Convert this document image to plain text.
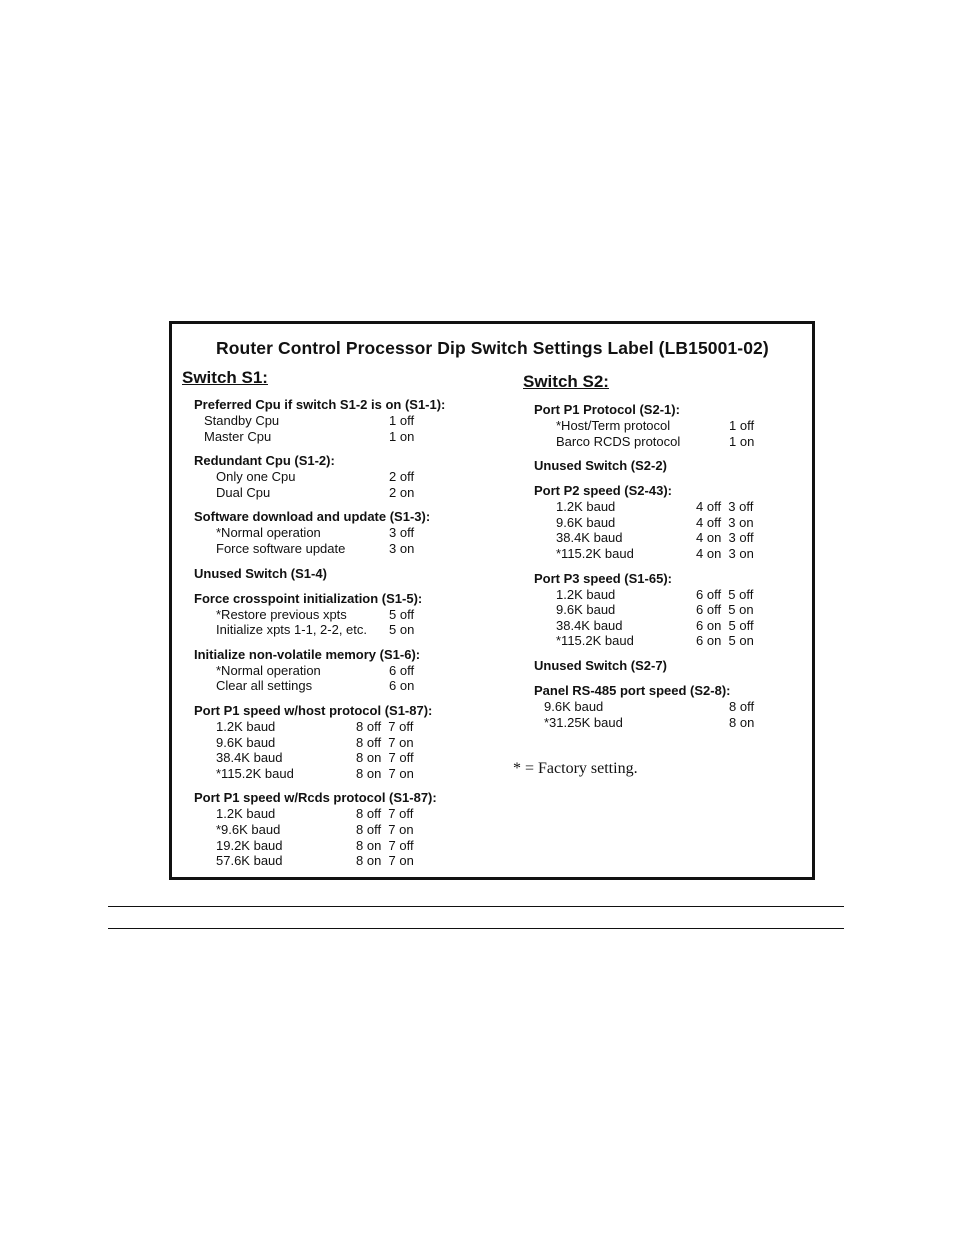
Router Control Processor Dip Switch Settings Label (LB15001-02)
Switch S1:	Switch S2:
Preferred Cpu if switch S1-2 is on (S1-1):
Standby Cpu	1 off
Master Cpu	1 on
Redundant Cpu (S1-2):
Only one Cpu	2 off
Dual Cpu	2 on
Software download and update (S1-3):
*Normal operation	3 off
Force software update	3 on
Unused Switch (S1-4)
Force crosspoint initialization (S1-5):
*Restore previous xpts	5 off
Initialize xpts 1-1, 2-2, etc. 5 on
Initialize non-volatile memory (S1-6):
*Normal operation	6 off
Clear all settings	6 on
Port P1 speed w/host protocol (S1-87):
1.2K baud	8 off  7 off
9.6K baud	8 off  7 on
38.4K baud	8 on  7 off
*115.2K baud	8 on  7 on
Port P1 speed w/Rcds protocol (S1-87):
1.2K baud	8 off  7 off
*9.6K baud	8 off  7 on
19.2K baud	8 on  7 off
57.6K baud	8 on  7 on
Port P1 Protocol (S2-1):
*Host/Term protocol	1 off
Barco RCDS protocol	1 on
Unused Switch (S2-2)
Port P2 speed (S2-43):
1.2K baud	4 off  3 off
9.6K baud	4 off  3 on
38.4K baud	4 on  3 off
*115.2K baud	4 on  3 on
Port P3 speed (S1-65):
1.2K baud	6 off  5 off
9.6K baud	6 off  5 on
38.4K baud	6 on  5 off
*115.2K baud	6 on  5 on
Unused Switch (S2-7)
Panel RS-485 port speed (S2-8):
9.6K baud	8 off
*31.25K baud	8 on
* = Factory setting.
